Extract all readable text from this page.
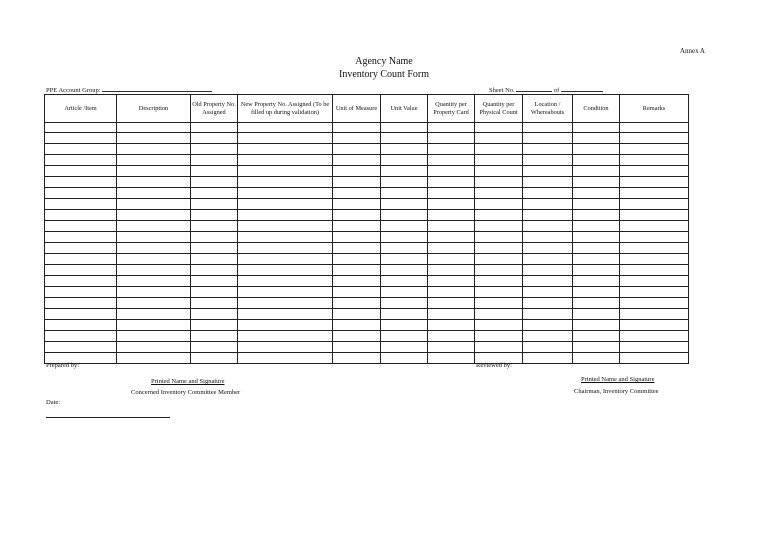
Annex A
Agency Name
Inventory Count Form
PPE Account Group:	Sheet No.	of
Article /Item	Description	Old Property No. Assigned	New Property No. Assigned (To be filled up during validation)	Unit of Measure	Unit Value	Quantity per Property Card	Quantity per Physical Count	Location / Whereabouts	Condition	Remarks

Prepared by:
Printed Name and Signature
Concerned Inventory Committee Member
Reviewed by:
Printed Name and Signature
Chairman, Inventory Committee
Date:
